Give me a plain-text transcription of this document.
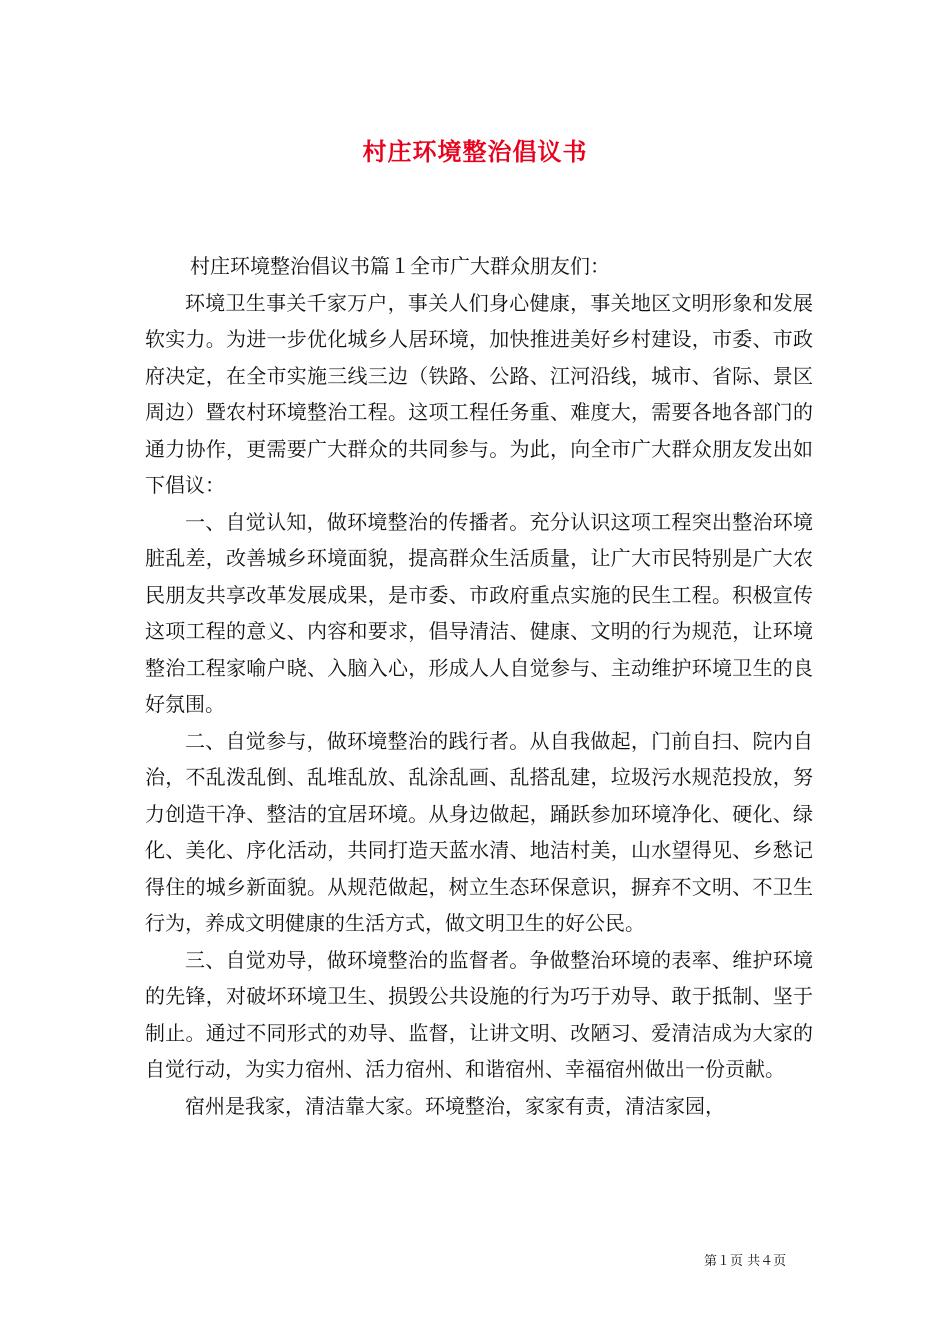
村庄环境整治倡议书

村庄环境整治倡议书篇１全市广大群众朋友们：

环境卫生事关千家万户，事关人们身心健康，事关地区文明形象和发展软实力。为进一步优化城乡人居环境，加快推进美好乡村建设，市委、市政府决定，在全市实施三线三边（铁路、公路、江河沿线，城市、省际、景区周边）暨农村环境整治工程。这项工程任务重、难度大，需要各地各部门的通力协作，更需要广大群众的共同参与。为此，向全市广大群众朋友发出如下倡议：

一、自觉认知，做环境整治的传播者。充分认识这项工程突出整治环境脏乱差，改善城乡环境面貌，提高群众生活质量，让广大市民特别是广大农民朋友共享改革发展成果，是市委、市政府重点实施的民生工程。积极宣传这项工程的意义、内容和要求，倡导清洁、健康、文明的行为规范，让环境整治工程家喻户晓、入脑入心，形成人人自觉参与、主动维护环境卫生的良好氛围。

二、自觉参与，做环境整治的践行者。从自我做起，门前自扫、院内自治，不乱泼乱倒、乱堆乱放、乱涂乱画、乱搭乱建，垃圾污水规范投放，努力创造干净、整洁的宜居环境。从身边做起，踊跃参加环境净化、硬化、绿化、美化、序化活动，共同打造天蓝水清、地洁村美，山水望得见、乡愁记得住的城乡新面貌。从规范做起，树立生态环保意识，摒弃不文明、不卫生行为，养成文明健康的生活方式，做文明卫生的好公民。

三、自觉劝导，做环境整治的监督者。争做整治环境的表率、维护环境的先锋，对破坏环境卫生、损毁公共设施的行为巧于劝导、敢于抵制、坚于制止。通过不同形式的劝导、监督，让讲文明、改陋习、爱清洁成为大家的自觉行动，为实力宿州、活力宿州、和谐宿州、幸福宿州做出一份贡献。

宿州是我家，清洁靠大家。环境整治，家家有责，清洁家园，

第１页 共４页
